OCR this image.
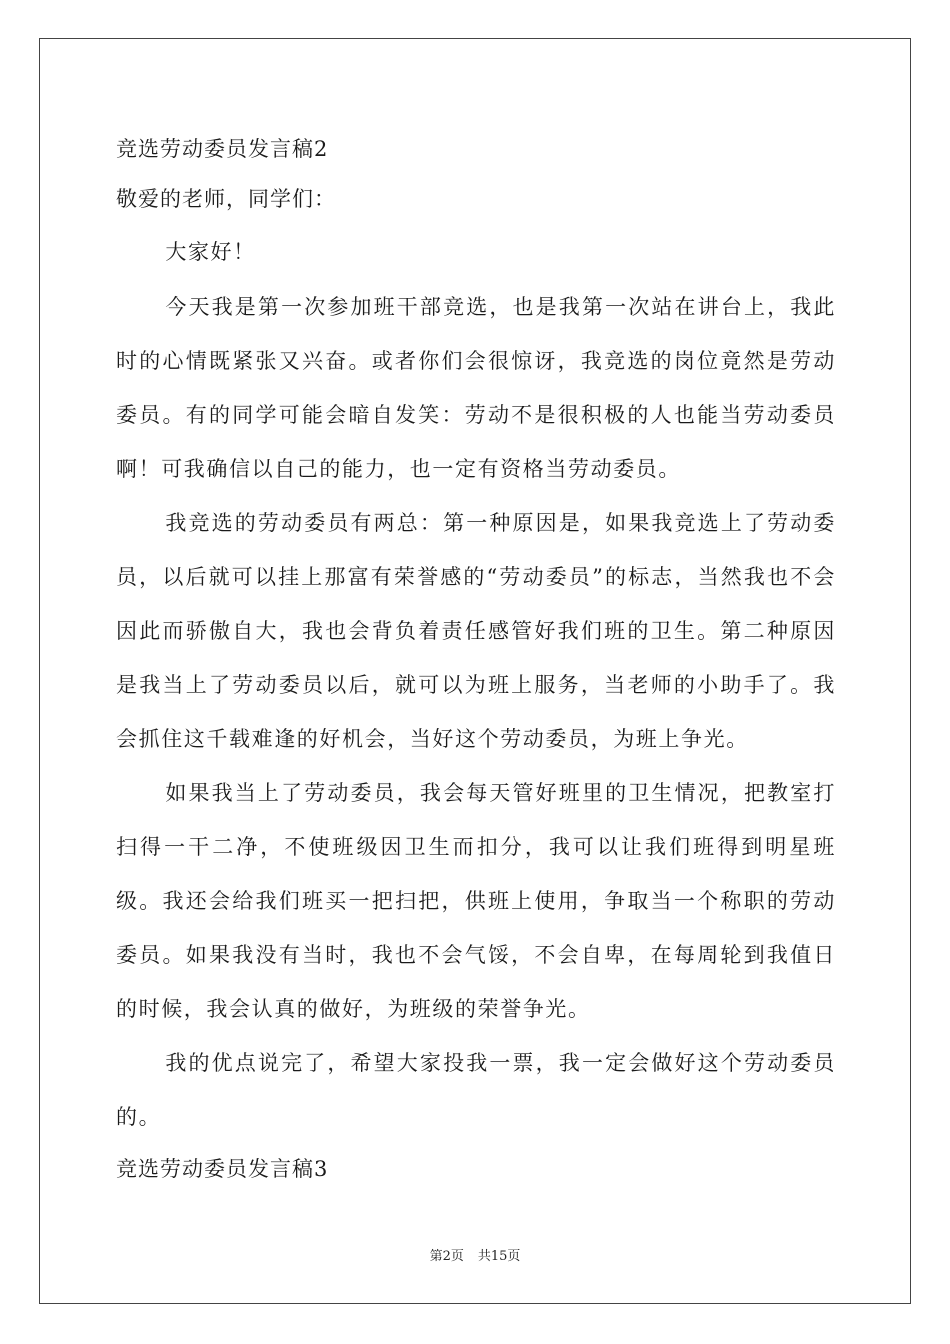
竞选劳动委员发言稿2
敬爱的老师，同学们：
大家好！

今天我是第一次参加班干部竞选，也是我第一次站在讲台上，我此时的心情既紧张又兴奋。或者你们会很惊讶，我竞选的岗位竟然是劳动委员。有的同学可能会暗自发笑：劳动不是很积极的人也能当劳动委员啊！可我确信以自己的能力，也一定有资格当劳动委员。

我竞选的劳动委员有两总：第一种原因是，如果我竞选上了劳动委员，以后就可以挂上那富有荣誉感的“劳动委员”的标志，当然我也不会因此而骄傲自大，我也会背负着责任感管好我们班的卫生。第二种原因是我当上了劳动委员以后，就可以为班上服务，当老师的小助手了。我会抓住这千载难逢的好机会，当好这个劳动委员，为班上争光。

如果我当上了劳动委员，我会每天管好班里的卫生情况，把教室打扫得一干二净，不使班级因卫生而扣分，我可以让我们班得到明星班级。我还会给我们班买一把扫把，供班上使用，争取当一个称职的劳动委员。如果我没有当时，我也不会气馁，不会自卑，在每周轮到我值日的时候，我会认真的做好，为班级的荣誉争光。

我的优点说完了，希望大家投我一票，我一定会做好这个劳动委员的。

竞选劳动委员发言稿3
第2页 共15页
